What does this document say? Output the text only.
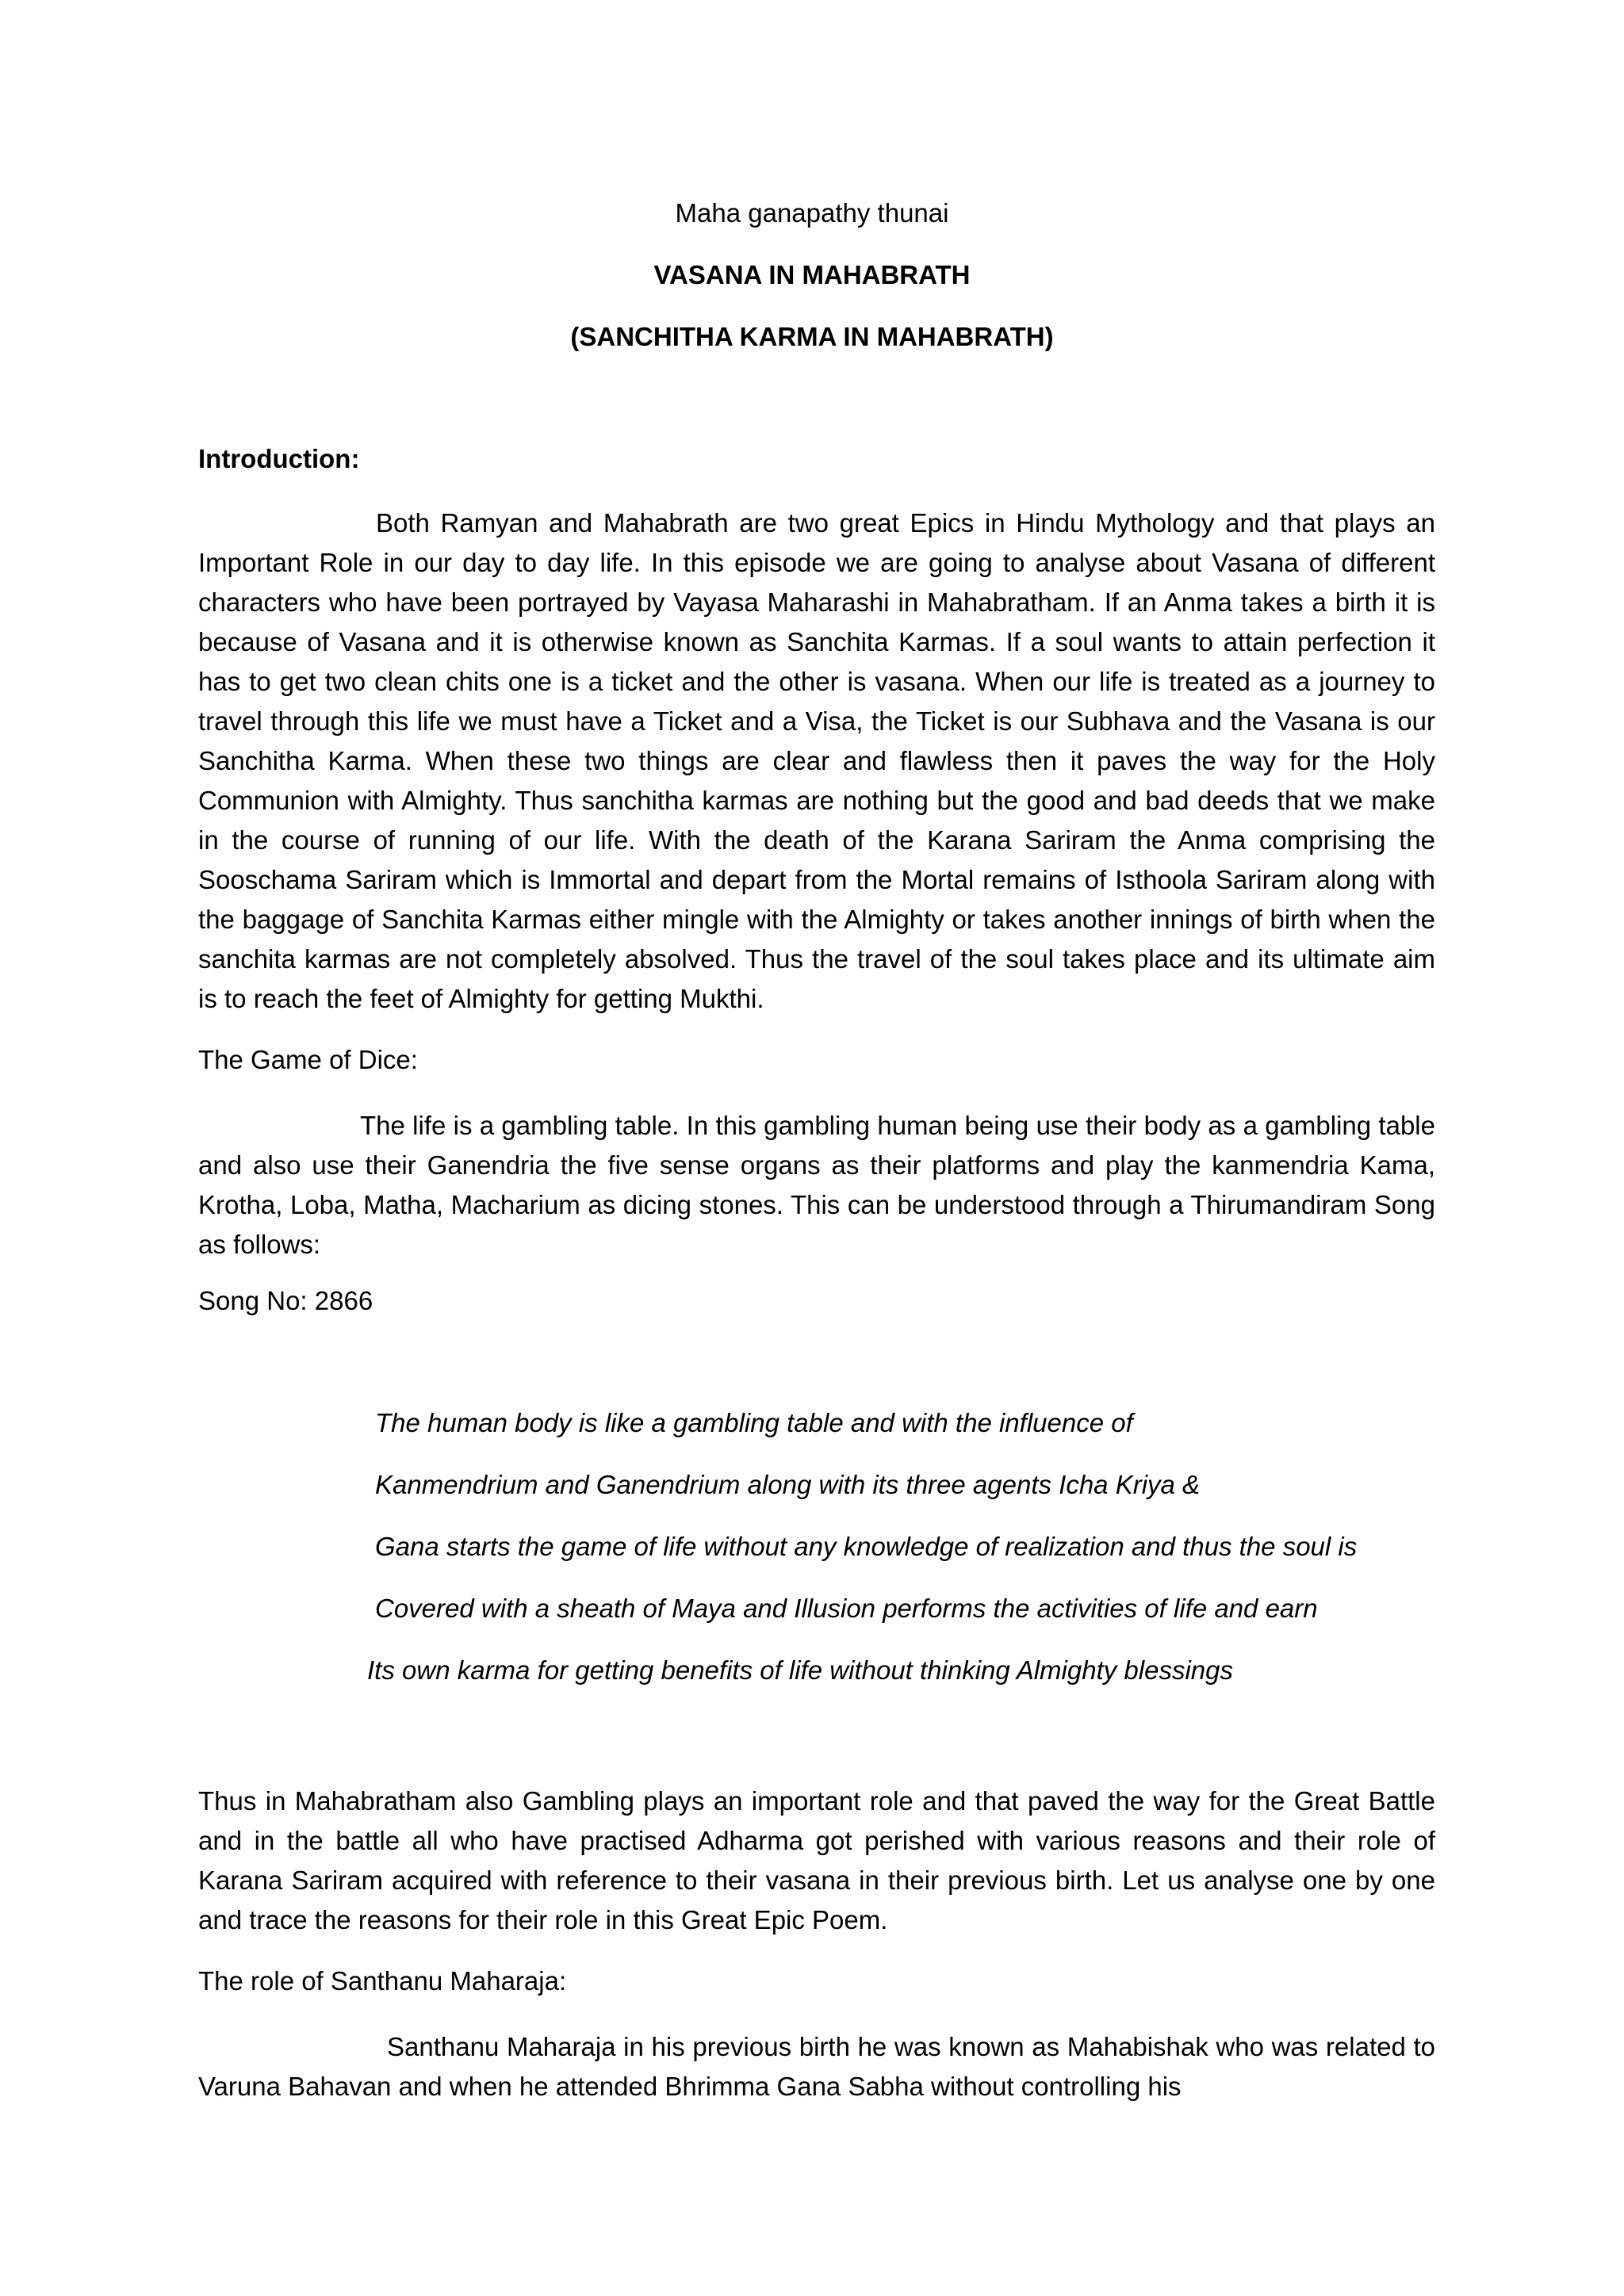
Maha ganapathy thunai
VASANA IN MAHABRATH
(SANCHITHA KARMA IN MAHABRATH)
Introduction:

Both Ramyan and Mahabrath are two great Epics in Hindu Mythology and that plays an Important Role in our day to day life. In this episode we are going to analyse about Vasana of different characters who have been portrayed by Vayasa Maharashi in Mahabratham. If an Anma takes a birth it is because of Vasana and it is otherwise known as Sanchita Karmas. If a soul wants to attain perfection it has to get two clean chits one is a ticket and the other is vasana. When our life is treated as a journey to travel through this life we must have a Ticket and a Visa, the Ticket is our Subhava and the Vasana is our Sanchitha Karma. When these two things are clear and flawless then it paves the way for the Holy Communion with Almighty. Thus sanchitha karmas are nothing but the good and bad deeds that we make in the course of running of our life. With the death of the Karana Sariram the Anma comprising the Sooschama Sariram which is Immortal and depart from the Mortal remains of Isthoola Sariram along with the baggage of Sanchita Karmas either mingle with the Almighty or takes another innings of birth when the sanchita karmas are not completely absolved. Thus the travel of the soul takes place and its ultimate aim is to reach the feet of Almighty for getting Mukthi.

The Game of Dice:

The life is a gambling table. In this gambling human being use their body as a gambling table and also use their Ganendria the five sense organs as their platforms and play the kanmendria Kama, Krotha, Loba, Matha, Macharium as dicing stones. This can be understood through a Thirumandiram Song as follows:

Song No: 2866
The human body is like a gambling table and with the influence of
Kanmendrium and Ganendrium along with its three agents Icha Kriya &
Gana starts the game of life without any knowledge of realization and thus the soul is
Covered with a sheath of Maya and Illusion performs the activities of life and earn
Its own karma for getting benefits of life without thinking Almighty blessings

Thus in Mahabratham also Gambling plays an important role and that paved the way for the Great Battle and in the battle all who have practised Adharma got perished with various reasons and their role of Karana Sariram acquired with reference to their vasana in their previous birth. Let us analyse one by one and trace the reasons for their role in this Great Epic Poem.

The role of Santhanu Maharaja:

Santhanu Maharaja in his previous birth he was known as Mahabishak who was related to Varuna Bahavan and when he attended Bhrimma Gana Sabha without controlling his
